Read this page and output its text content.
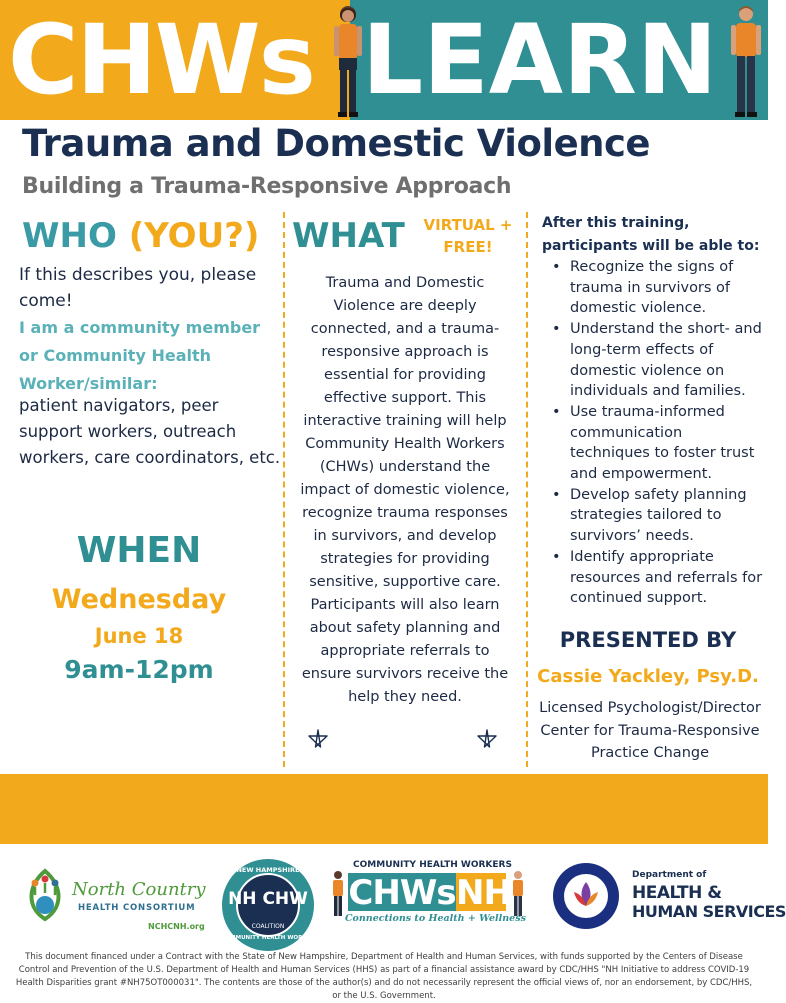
CHWs LEARN
Trauma and Domestic Violence
Building a Trauma-Responsive Approach
WHO (YOU?)
If this describes you, please come!
I am a community member or Community Health Worker/similar:
patient navigators, peer support workers, outreach workers, care coordinators, etc.
WHEN
Wednesday
June 18
9am-12pm
WHAT	VIRTUAL + FREE!
Trauma and Domestic Violence are deeply connected, and a trauma-responsive approach is essential for providing effective support. This interactive training will help Community Health Workers (CHWs) understand the impact of domestic violence, recognize trauma responses in survivors, and develop strategies for providing sensitive, supportive care. Participants will also learn about safety planning and appropriate referrals to ensure survivors receive the help they need.
After this training, participants will be able to:
• Recognize the signs of trauma in survivors of domestic violence.
• Understand the short- and long-term effects of domestic violence on individuals and families.
• Use trauma-informed communication techniques to foster trust and empowerment.
• Develop safety planning strategies tailored to survivors’ needs.
• Identify appropriate resources and referrals for continued support.
PRESENTED BY
Cassie Yackley, Psy.D.
Licensed Psychologist/Director Center for Trauma-Responsive Practice Change
North Country
HEALTH CONSORTIUM
NCHCNH.org
NEW HAMPSHIRE
NH CHW
COALITION
COMMUNITY HEALTH WORKER
COMMUNITY HEALTH WORKERS
CHWs NH
Connections to Health + Wellness
Department of
HEALTH &
HUMAN SERVICES
This document financed under a Contract with the State of New Hampshire, Department of Health and Human Services, with funds supported by the Centers of Disease Control and Prevention of the U.S. Department of Health and Human Services (HHS) as part of a financial assistance award by CDC/HHS "NH Initiative to address COVID-19 Health Disparities grant #NH75OT000031". The contents are those of the author(s) and do not necessarily represent the official views of, nor an endorsement, by CDC/HHS, or the U.S. Government.
